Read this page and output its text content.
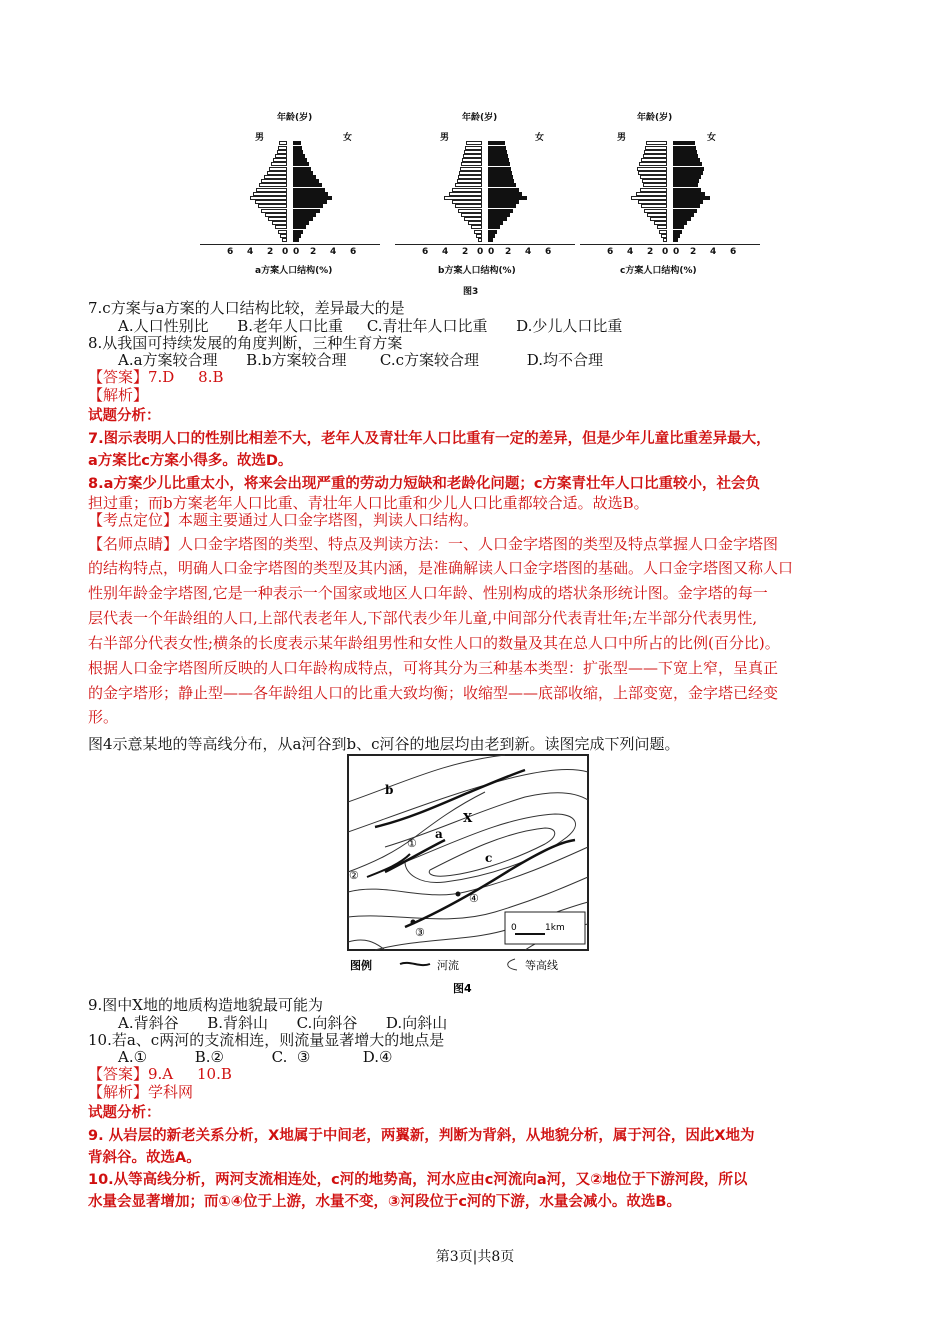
年龄(岁)
男	女
a方案人口结构(%)
6 4 2 0 0 2 4 6
年龄(岁)
男	女
b方案人口结构(%)
6 4 2 0 0 2 4 6
年龄(岁)
男	女
c方案人口结构(%)
6 4 2 0 0 2 4 6
图3
7.c方案与a方案的人口结构比较，差异最大的是
A.人口性别比      B.老年人口比重     C.青壮年人口比重      D.少儿人口比重
8.从我国可持续发展的角度判断，三种生育方案
A.a方案较合理      B.b方案较合理       C.c方案较合理          D.均不合理
【答案】7.D     8.B
【解析】
试题分析：
7.图示表明人口的性别比相差不大，老年人及青壮年人口比重有一定的差异，但是少年儿童比重差异最大，
a方案比c方案小得多。故选D。
8.a方案少儿比重太小，将来会出现严重的劳动力短缺和老龄化问题；c方案青壮年人口比重较小，社会负
担过重；而b方案老年人口比重、青壮年人口比重和少儿人口比重都较合适。故选B。
【考点定位】本题主要通过人口金字塔图，判读人口结构。
【名师点睛】人口金字塔图的类型、特点及判读方法：一、人口金字塔图的类型及特点掌握人口金字塔图
的结构特点，明确人口金字塔图的类型及其内涵，是准确解读人口金字塔图的基础。人口金字塔图又称人口
性别年龄金字塔图,它是一种表示一个国家或地区人口年龄、性别构成的塔状条形统计图。金字塔的每一
层代表一个年龄组的人口,上部代表老年人,下部代表少年儿童,中间部分代表青壮年;左半部分代表男性,
右半部分代表女性;横条的长度表示某年龄组男性和女性人口的数量及其在总人口中所占的比例(百分比)。
根据人口金字塔图所反映的人口年龄构成特点，可将其分为三种基本类型：扩张型——下宽上窄，呈真正
的金字塔形；静止型——各年龄组人口的比重大致均衡；收缩型——底部收缩，上部变宽，金字塔已经变
形。
图4示意某地的等高线分布，从a河谷到b、c河谷的地层均由老到新。读图完成下列问题。
b
a
X
c
①
②
③
④
0	1km
图例	河流	等高线
图4
9.图中X地的地质构造地貌最可能为
A.背斜谷      B.背斜山      C.向斜谷      D.向斜山
10.若a、c两河的支流相连，则流量显著增大的地点是
A.①          B.②          C.  ③           D.④
【答案】9.A     10.B
【解析】学科网
试题分析：
9. 从岩层的新老关系分析，X地属于中间老，两翼新，判断为背斜，从地貌分析，属于河谷，因此X地为
背斜谷。故选A。
10.从等高线分析，两河支流相连处，c河的地势高，河水应由c河流向a河，又②地位于下游河段，所以
水量会显著增加；而①④位于上游，水量不变，③河段位于c河的下游，水量会减小。故选B。
第3页|共8页
